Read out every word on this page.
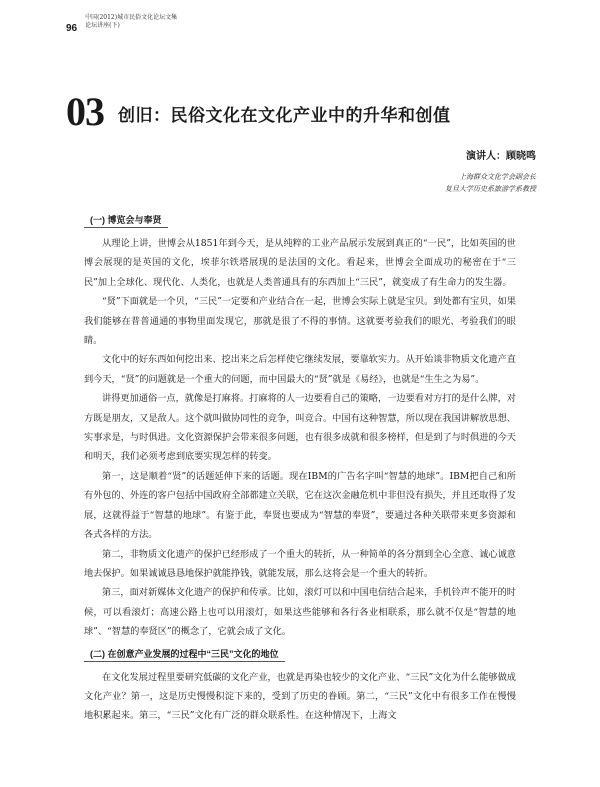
96
中国(2012)城市民俗文化论坛文集
论坛讲座(下)
03 创旧：民俗文化在文化产业中的升华和创值
演讲人：顾晓鸣
上海群众文化学会副会长
复旦大学历史系旅游学系教授
(一) 博览会与奉贤

从理论上讲，世博会从1851年到今天，是从纯粹的工业产品展示发展到真正的“一民”，比如英国的世博会展现的是英国的文化，埃菲尔铁塔展现的是法国的文化。看起来，世博会全面成功的秘密在于“三民”加上全球化、现代化、人类化，也就是人类普通具有的东西加上“三民”，就变成了有生命力的发生器。

“贤”下面就是一个贝，“三民”一定要和产业结合在一起，世博会实际上就是宝贝。到处都有宝贝，如果我们能够在普普通通的事物里面发现它，那就是很了不得的事情。这就要考验我们的眼光、考验我们的眼睛。

文化中的好东西如何挖出来、挖出来之后怎样使它继续发展，要靠软实力。从开始谈非物质文化遗产直到今天，“贤”的问题就是一个重大的问题，而中国最大的“贤”就是《易经》，也就是“生生之为易”。

讲得更加通俗一点，就像是打麻将。打麻将的人一边要看自己的策略，一边要看对方打的是什么牌，对方既是朋友，又是敌人。这个就叫做协同性的竞争，叫竞合。中国有这种智慧，所以现在我国讲解放思想、实事求是，与时俱进。文化资源保护会带来很多问题，也有很多成就和很多榜样，但是到了与时俱进的今天和明天，我们必须考虑到底要实现怎样的转变。

第一，这是顺着“贤”的话题延伸下来的话题。现在IBM的广告名字叫“智慧的地球”。IBM把自己和所有外包的、外连的客户包括中国政府全部都建立关联，它在这次金融危机中非但没有损失，并且还取得了发展，这就得益于“智慧的地球”。有鉴于此，奉贤也要成为“智慧的奉贤”，要通过各种关联带来更多资源和各式各样的方法。

第二，非物质文化遗产的保护已经形成了一个重大的转折，从一种简单的各分割到全心全意、诚心诚意地去保护。如果诚诚恳恳地保护就能挣钱，就能发展，那么这将会是一个重大的转折。

第三，面对新媒体文化遗产的保护和传承。比如，滚灯可以和中国电信结合起来，手机铃声不能开的时候，可以看滚灯；高速公路上也可以用滚灯，如果这些能够和各行各业相联系，那么就不仅是“智慧的地球”、“智慧的奉贤区”的概念了，它就会成了文化。

(二) 在创意产业发展的过程中“三民”文化的地位

在文化发展过程里要研究低碳的文化产业，也就是再染也较少的文化产业、“三民”文化为什么能够做成文化产业？第一，这是历史慢慢积淀下来的，受到了历史的眷顾。第二，“三民”文化中有很多工作在慢慢地积累起来。第三，“三民”文化有广泛的群众联系性。在这种情况下，上海文
